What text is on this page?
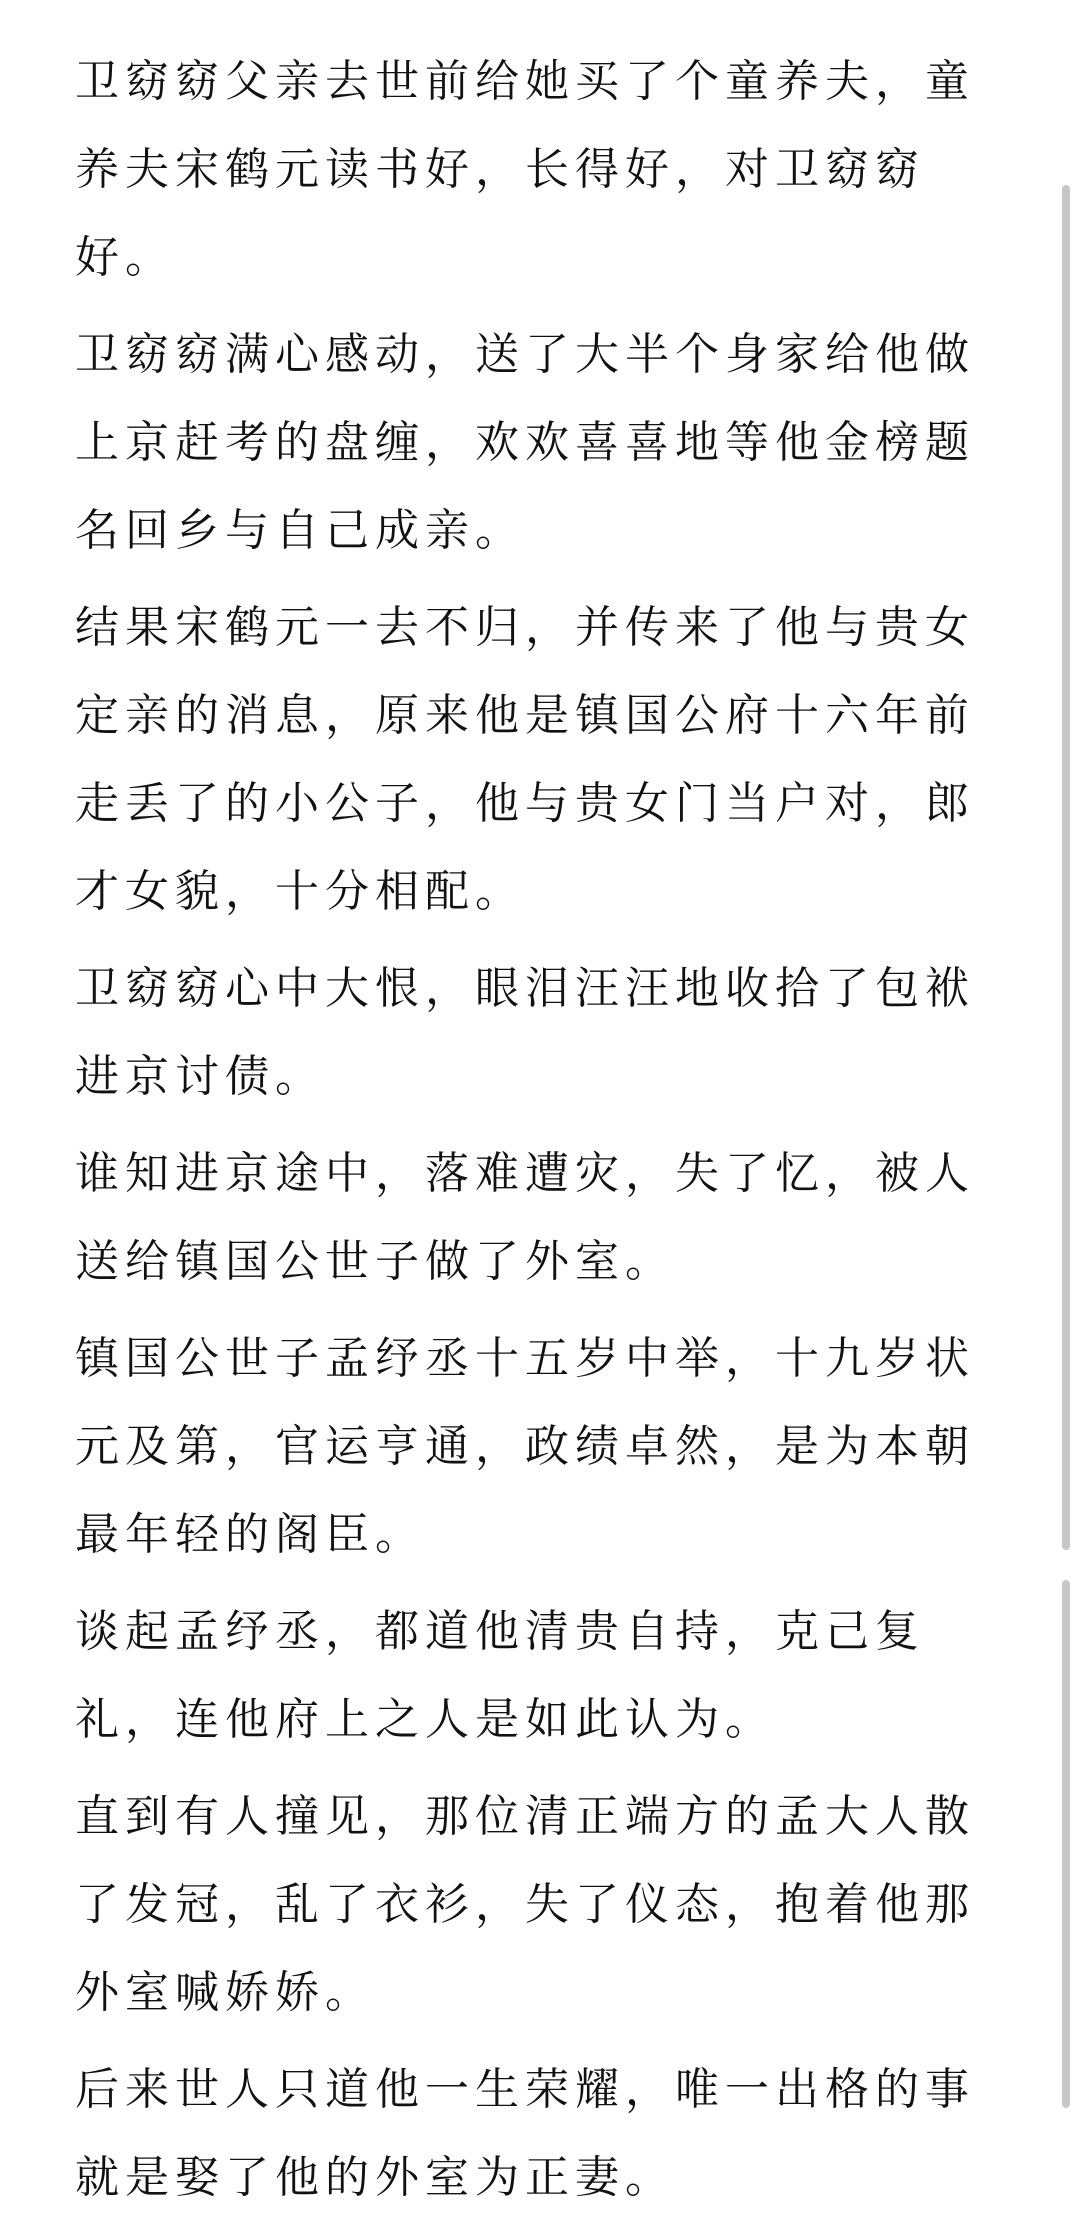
卫窈窈父亲去世前给她买了个童养夫，童养夫宋鹤元读书好，长得好，对卫窈窈好。

卫窈窈满心感动，送了大半个身家给他做上京赶考的盘缠，欢欢喜喜地等他金榜题名回乡与自己成亲。

结果宋鹤元一去不归，并传来了他与贵女定亲的消息，原来他是镇国公府十六年前走丢了的小公子，他与贵女门当户对，郎才女貌，十分相配。

卫窈窈心中大恨，眼泪汪汪地收拾了包袱进京讨债。

谁知进京途中，落难遭灾，失了忆，被人送给镇国公世子做了外室。

镇国公世子孟纾丞十五岁中举，十九岁状元及第，官运亨通，政绩卓然，是为本朝最年轻的阁臣。

谈起孟纾丞，都道他清贵自持，克己复礼，连他府上之人是如此认为。

直到有人撞见，那位清正端方的孟大人散了发冠，乱了衣衫，失了仪态，抱着他那外室喊娇娇。

后来世人只道他一生荣耀，唯一出格的事就是娶了他的外室为正妻。
